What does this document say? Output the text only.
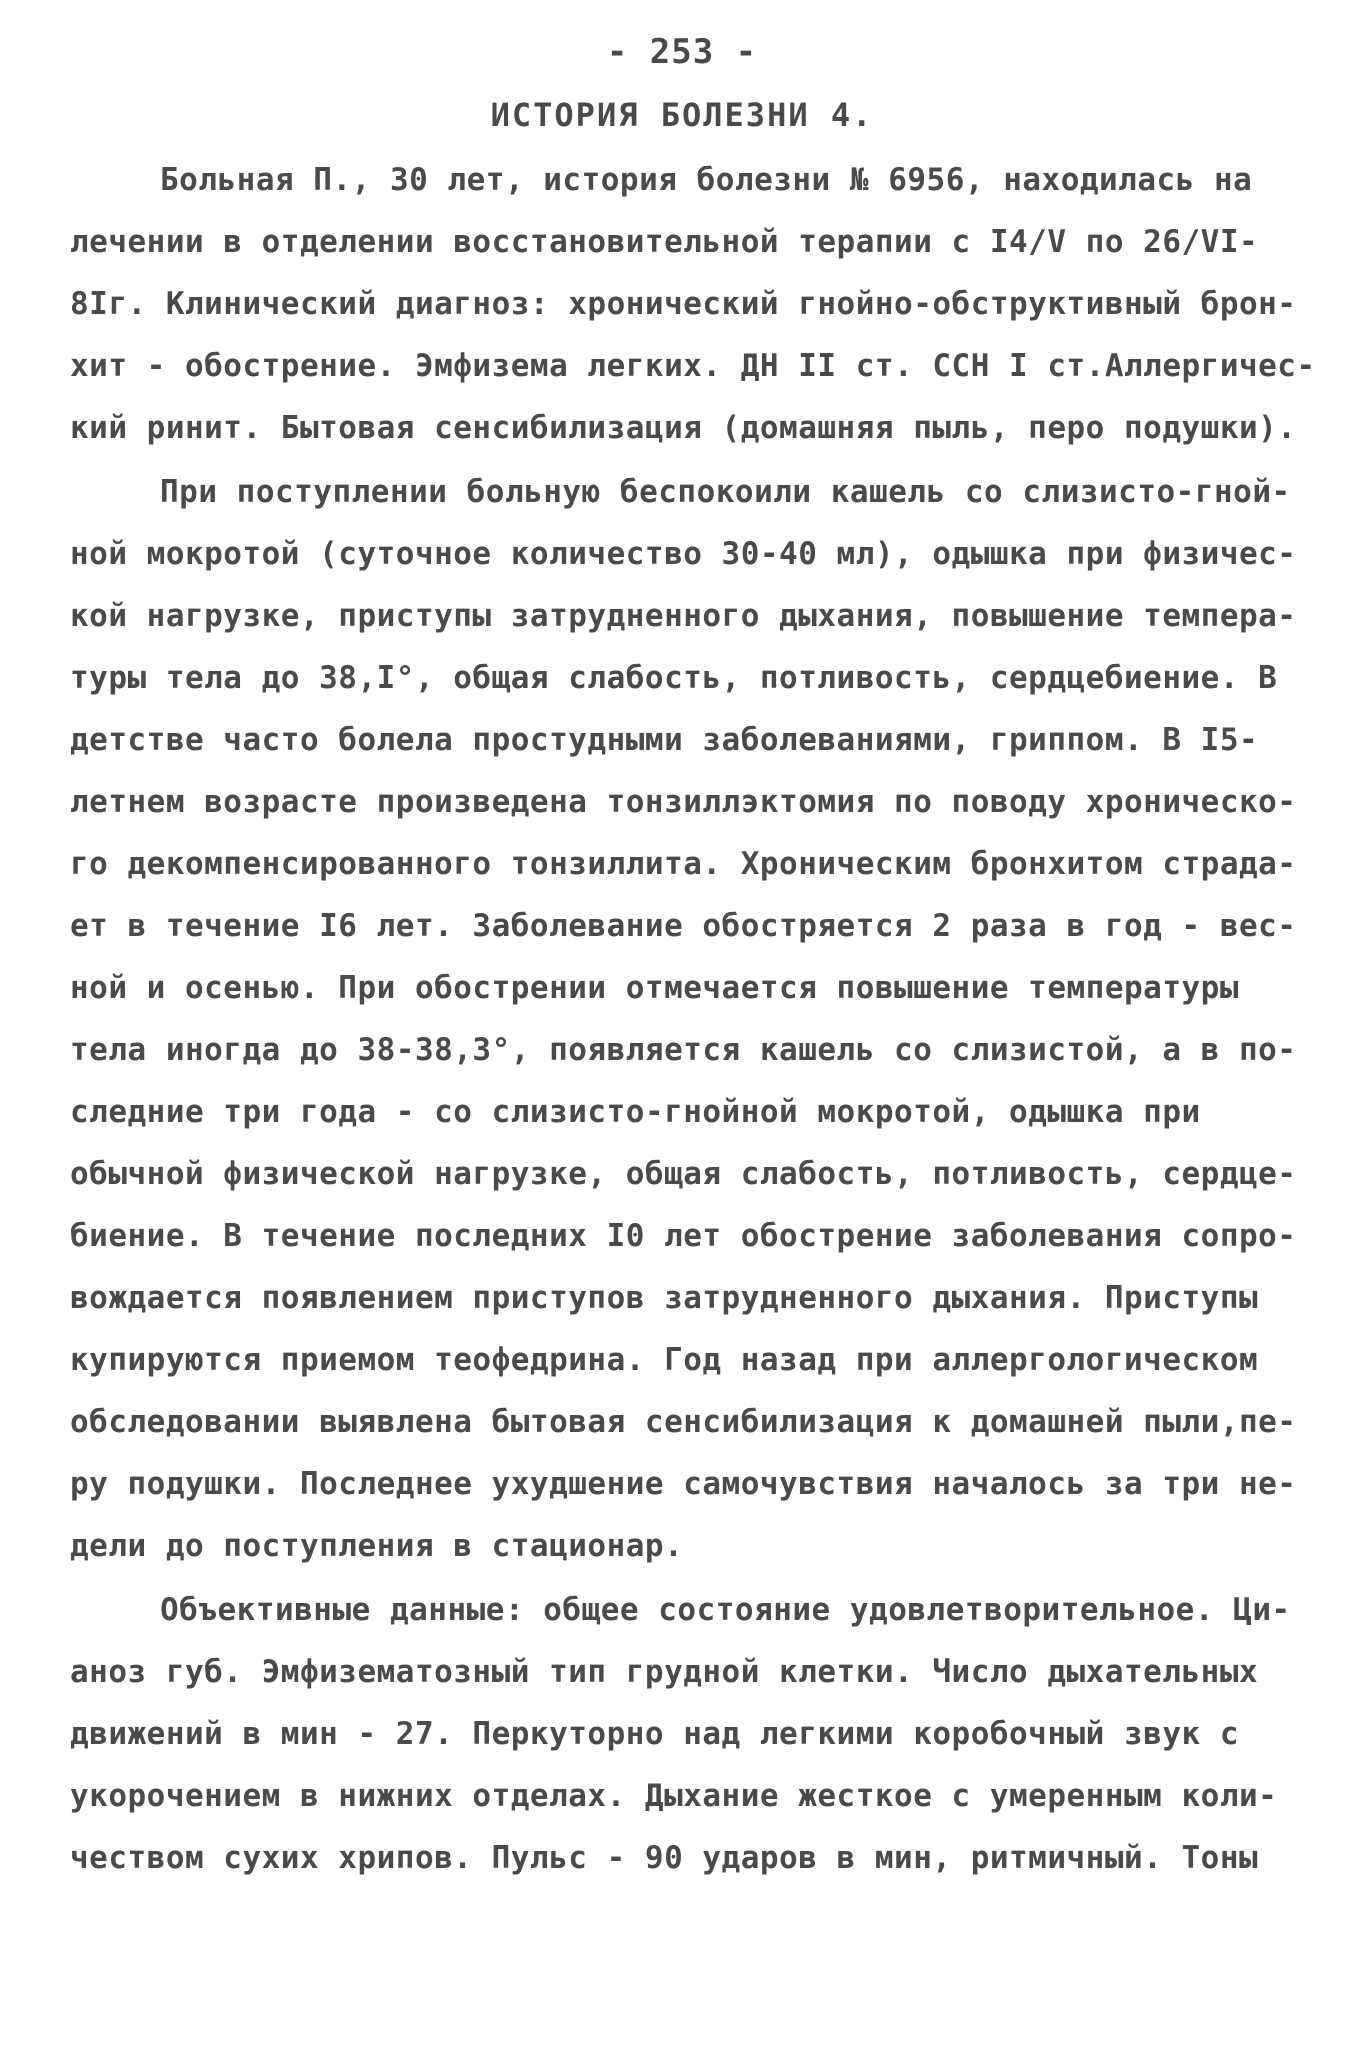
- 253 -
ИСТОРИЯ БОЛЕЗНИ 4.
Больная П., 30 лет, история болезни № 6956, находилась на
лечении в отделении восстановительной терапии с I4/V по 26/VI-
8Iг. Клинический диагноз: хронический гнойно-обструктивный брон-
хит - обострение. Эмфизема легких. ДН II ст. ССН I ст.Аллергичес-
кий ринит. Бытовая сенсибилизация (домашняя пыль, перо подушки).
При поступлении больную беспокоили кашель со слизисто-гной-
ной мокротой (суточное количество 30-40 мл), одышка при физичес-
кой нагрузке, приступы затрудненного дыхания, повышение темпера-
туры тела до 38,I°, общая слабость, потливость, сердцебиение. В
детстве часто болела простудными заболеваниями, гриппом. В I5-
летнем возрасте произведена тонзиллэктомия по поводу хроническо-
го декомпенсированного тонзиллита. Хроническим бронхитом страда-
ет в течение I6 лет. Заболевание обостряется 2 раза в год - вес-
ной и осенью. При обострении отмечается повышение температуры
тела иногда до 38-38,3°, появляется кашель со слизистой, а в по-
следние три года - со слизисто-гнойной мокротой, одышка при
обычной физической нагрузке, общая слабость, потливость, сердце-
биение. В течение последних I0 лет обострение заболевания сопро-
вождается появлением приступов затрудненного дыхания. Приступы
купируются приемом теофедрина. Год назад при аллергологическом
обследовании выявлена бытовая сенсибилизация к домашней пыли,пе-
ру подушки. Последнее ухудшение самочувствия началось за три не-
дели до поступления в стационар.
Объективные данные: общее состояние удовлетворительное. Ци-
аноз губ. Эмфизематозный тип грудной клетки. Число дыхательных
движений в мин - 27. Перкуторно над легкими коробочный звук с
укорочением в нижних отделах. Дыхание жесткое с умеренным коли-
чеством сухих хрипов. Пульс - 90 ударов в мин, ритмичный. Тоны
